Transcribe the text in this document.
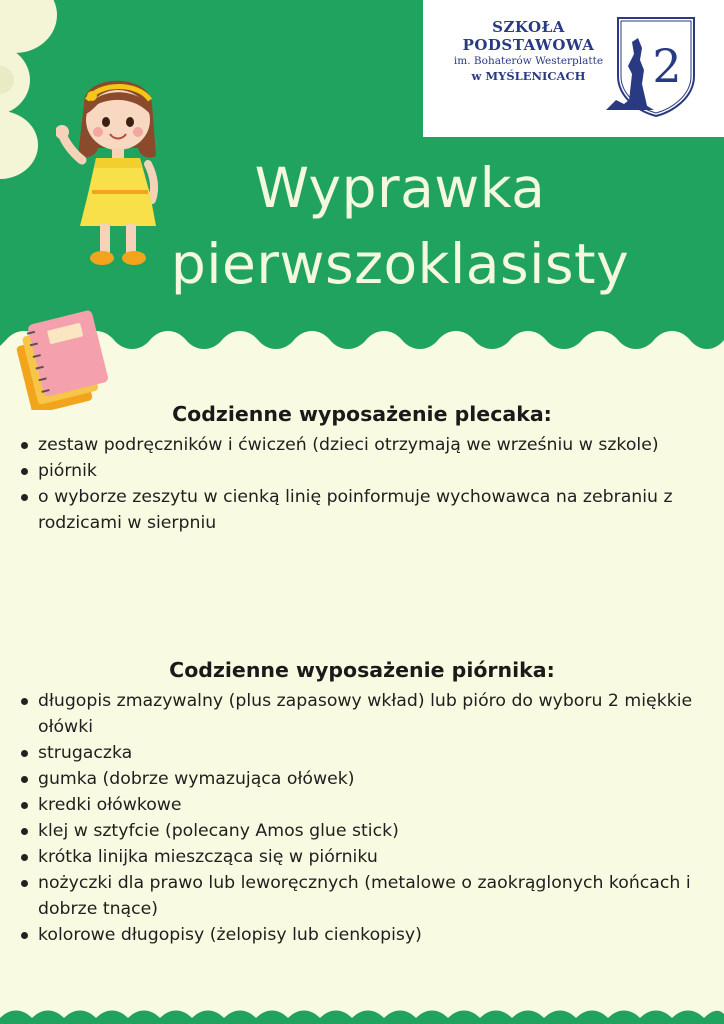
SZKOŁA
PODSTAWOWA
im. Bohaterów Westerplatte
w MYŚLENICACH	2
Wyprawka
pierwszoklasisty
Codzienne wyposażenie plecaka:
zestaw podręczników i ćwiczeń (dzieci otrzymają we wrześniu w szkole)
piórnik
o wyborze zeszytu w cienką linię poinformuje wychowawca na zebraniu z rodzicami w sierpniu
Codzienne wyposażenie piórnika:
długopis zmazywalny (plus zapasowy wkład) lub pióro do wyboru 2 miękkie ołówki
strugaczka
gumka (dobrze wymazująca ołówek)
kredki ołówkowe
klej w sztyfcie (polecany Amos glue stick)
krótka linijka mieszcząca się w piórniku
nożyczki dla prawo lub leworęcznych (metalowe o zaokrąglonych końcach i dobrze tnące)
kolorowe długopisy (żelopisy lub cienkopisy)
